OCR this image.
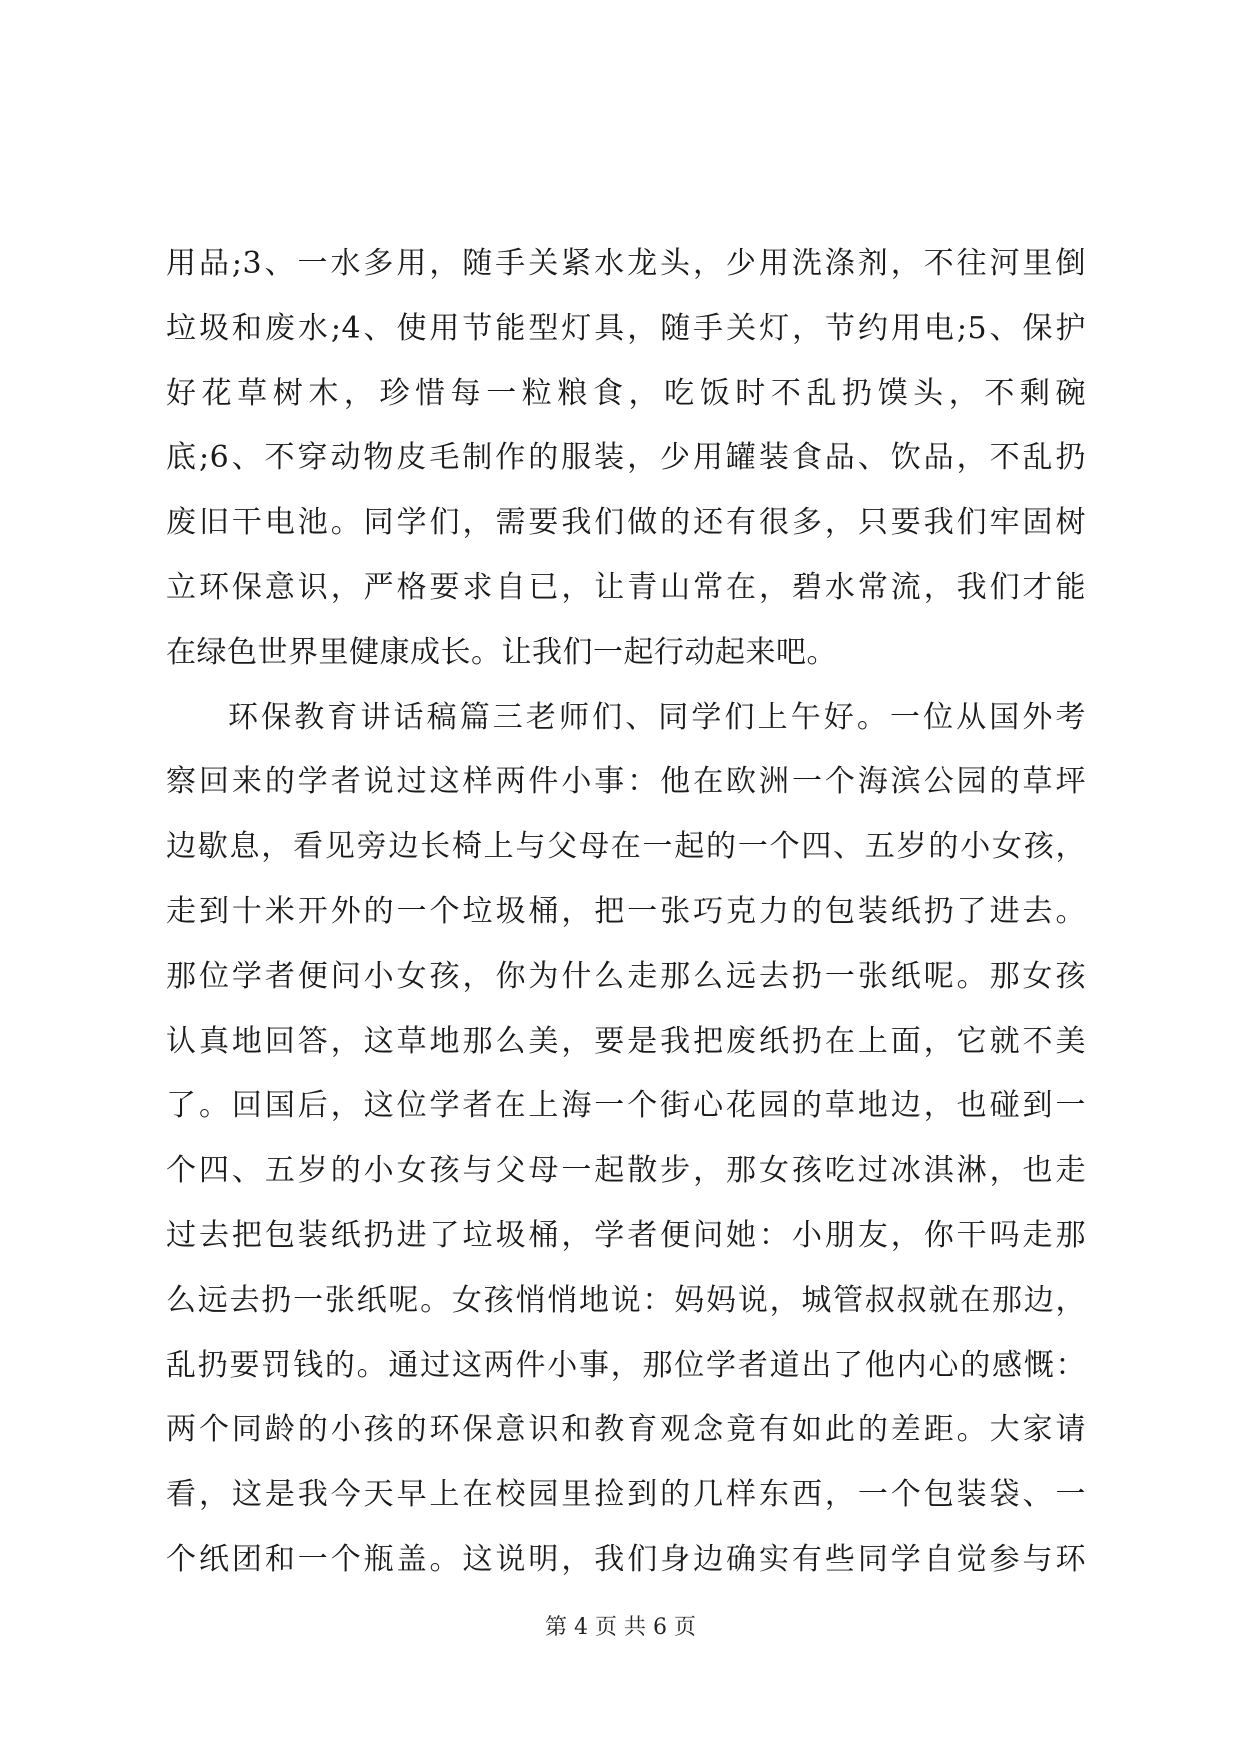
用品;3、一水多用，随手关紧水龙头，少用洗涤剂，不往河里倒
垃圾和废水;4、使用节能型灯具，随手关灯，节约用电;5、保护
好花草树木，珍惜每一粒粮食，吃饭时不乱扔馍头，不剩碗
底;6、不穿动物皮毛制作的服装，少用罐装食品、饮品，不乱扔
废旧干电池。同学们，需要我们做的还有很多，只要我们牢固树
立环保意识，严格要求自已，让青山常在，碧水常流，我们才能
在绿色世界里健康成长。让我们一起行动起来吧。
环保教育讲话稿篇三老师们、同学们上午好。一位从国外考
察回来的学者说过这样两件小事：他在欧洲一个海滨公园的草坪
边歇息，看见旁边长椅上与父母在一起的一个四、五岁的小女孩，
走到十米开外的一个垃圾桶，把一张巧克力的包装纸扔了进去。
那位学者便问小女孩，你为什么走那么远去扔一张纸呢。那女孩
认真地回答，这草地那么美，要是我把废纸扔在上面，它就不美
了。回国后，这位学者在上海一个街心花园的草地边，也碰到一
个四、五岁的小女孩与父母一起散步，那女孩吃过冰淇淋，也走
过去把包装纸扔进了垃圾桶，学者便问她：小朋友，你干吗走那
么远去扔一张纸呢。女孩悄悄地说：妈妈说，城管叔叔就在那边，
乱扔要罚钱的。通过这两件小事，那位学者道出了他内心的感慨：
两个同龄的小孩的环保意识和教育观念竟有如此的差距。大家请
看，这是我今天早上在校园里捡到的几样东西，一个包装袋、一
个纸团和一个瓶盖。这说明，我们身边确实有些同学自觉参与环
第 4 页 共 6 页
